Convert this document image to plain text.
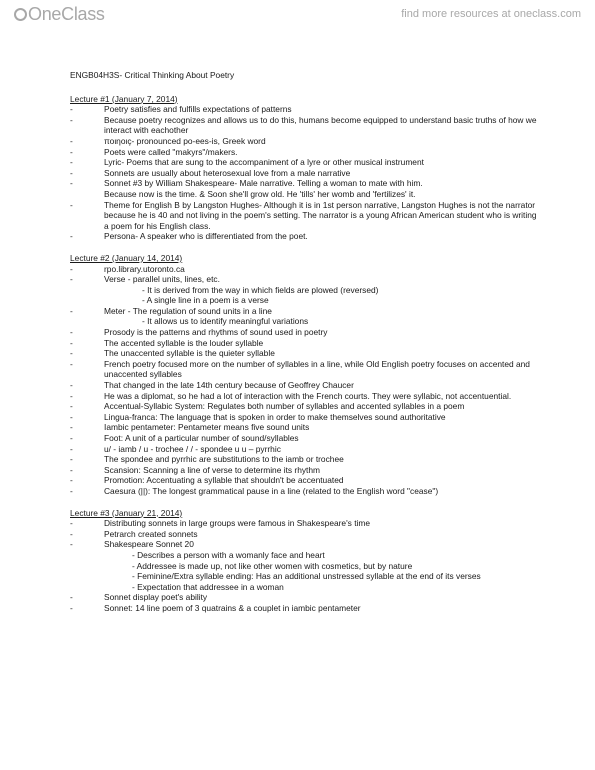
OneClass	find more resources at oneclass.com
ENGB04H3S- Critical Thinking About Poetry
Lecture #1 (January 7, 2014)
-	Poetry satisfies and fulfills expectations of patterns
-	Because poetry recognizes and allows us to do this, humans become equipped to understand basic truths of how we interact with eachother
-	ποιηοιç- pronounced po-ees-is, Greek word
-	Poets were called "makyrs"/makers.
-	Lyric- Poems that are sung to the accompaniment of a lyre or other musical instrument
-	Sonnets are usually about heterosexual love from a male narrative
-	Sonnet #3 by William Shakespeare- Male narrative. Telling a woman to mate with him.
Because now is the time. & Soon she'll grow old. He 'tills' her womb and 'fertilizes' it.
-	Theme for English B by Langston Hughes- Although it is in 1st person narrative, Langston Hughes is not the narrator because he is 40 and not living in the poem's setting. The narrator is a young African American student who is writing a poem for his English class.
-	Persona- A speaker who is differentiated from the poet.
Lecture #2 (January 14, 2014)
-	rpo.library.utoronto.ca
-	Verse - parallel units, lines, etc.
- It is derived from the way in which fields are plowed (reversed)
- A single line in a poem is a verse
-	Meter - The regulation of sound units in a line
- It allows us to identify meaningful variations
-	Prosody is the patterns and rhythms of sound used in poetry
-	The accented syllable is the louder syllable
-	The unaccented syllable is the quieter syllable
-	French poetry focused more on the number of syllables in a line, while Old English poetry focuses on accented and unaccented syllables
-	That changed in the late 14th century because of Geoffrey Chaucer
-	He was a diplomat, so he had a lot of interaction with the French courts. They were syllabic, not accentuential.
-	Accentual-Syllabic System: Regulates both number of syllables and accented syllables in a poem
-	Lingua-franca: The language that is spoken in order to make themselves sound authoritative
-	Iambic pentameter: Pentameter means five sound units
-	Foot: A unit of a particular number of sound/syllables
-	u/ - iamb / u - trochee / / - spondee u u – pyrrhic
-	The spondee and pyrrhic are substitutions to the iamb or trochee
-	Scansion: Scanning a line of verse to determine its rhythm
-	Promotion: Accentuating a syllable that shouldn't be accentuated
-	Caesura (||): The longest grammatical pause in a line (related to the English word "cease")
Lecture #3 (January 21, 2014)
-	Distributing sonnets in large groups were famous in Shakespeare's time
-	Petrarch created sonnets
-	Shakespeare Sonnet 20
- Describes a person with a womanly face and heart
- Addressee is made up, not like other women with cosmetics, but by nature
- Feminine/Extra syllable ending: Has an additional unstressed syllable at the end of its verses
- Expectation that addressee in a woman
-	Sonnet display poet's ability
-	Sonnet: 14 line poem of 3 quatrains & a couplet in iambic pentameter
